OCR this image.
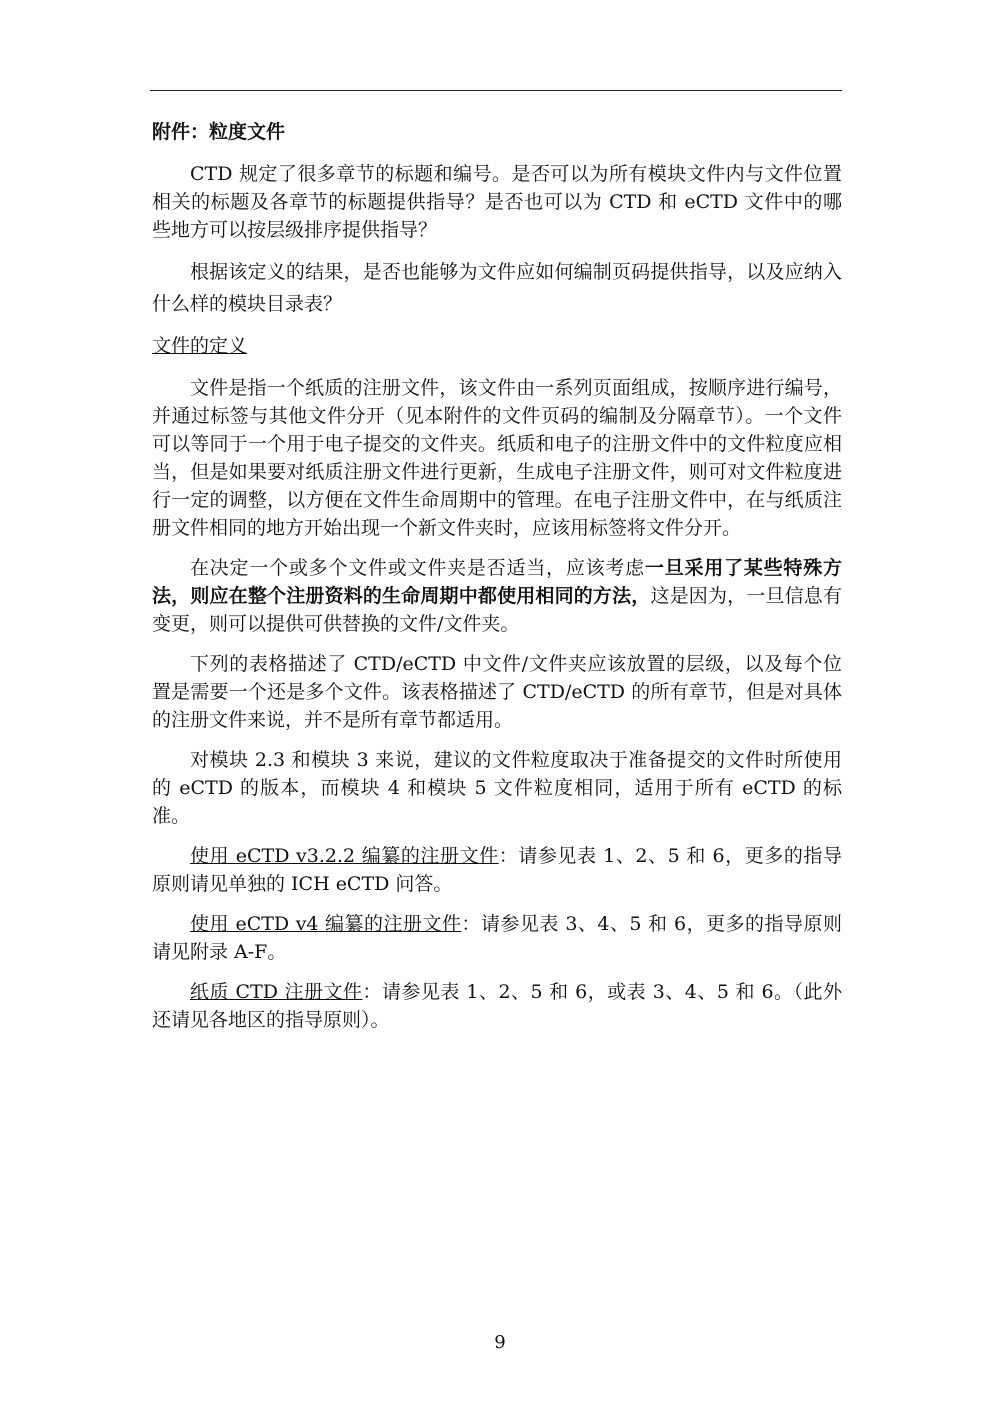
附件：粒度文件

CTD 规定了很多章节的标题和编号。是否可以为所有模块文件内与文件位置相关的标题及各章节的标题提供指导？是否也可以为 CTD 和 eCTD 文件中的哪些地方可以按层级排序提供指导？

根据该定义的结果，是否也能够为文件应如何编制页码提供指导，以及应纳入什么样的模块目录表？

文件的定义

文件是指一个纸质的注册文件，该文件由一系列页面组成，按顺序进行编号，并通过标签与其他文件分开（见本附件的文件页码的编制及分隔章节）。一个文件可以等同于一个用于电子提交的文件夹。纸质和电子的注册文件中的文件粒度应相当，但是如果要对纸质注册文件进行更新，生成电子注册文件，则可对文件粒度进行一定的调整，以方便在文件生命周期中的管理。在电子注册文件中，在与纸质注册文件相同的地方开始出现一个新文件夹时，应该用标签将文件分开。

在决定一个或多个文件或文件夹是否适当，应该考虑一旦采用了某些特殊方法，则应在整个注册资料的生命周期中都使用相同的方法，这是因为，一旦信息有变更，则可以提供可供替换的文件/文件夹。

下列的表格描述了 CTD/eCTD 中文件/文件夹应该放置的层级，以及每个位置是需要一个还是多个文件。该表格描述了 CTD/eCTD 的所有章节，但是对具体的注册文件来说，并不是所有章节都适用。

对模块 2.3 和模块 3 来说，建议的文件粒度取决于准备提交的文件时所使用的 eCTD 的版本，而模块 4 和模块 5 文件粒度相同，适用于所有 eCTD 的标准。

使用 eCTD v3.2.2 编纂的注册文件：请参见表 1、2、5 和 6，更多的指导原则请见单独的 ICH eCTD 问答。

使用 eCTD v4 编纂的注册文件：请参见表 3、4、5 和 6，更多的指导原则请见附录 A-F。

纸质 CTD 注册文件：请参见表 1、2、5 和 6，或表 3、4、5 和 6。（此外还请见各地区的指导原则）。

9
